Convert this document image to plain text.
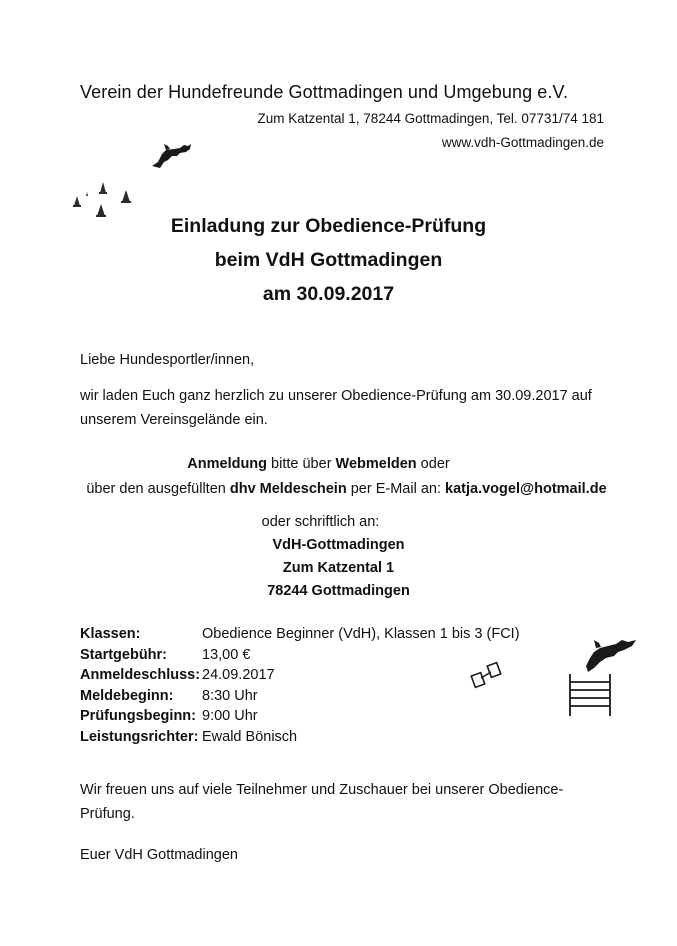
Verein der Hundefreunde Gottmadingen und Umgebung e.V.
Zum Katzental 1, 78244 Gottmadingen, Tel. 07731/74 181
www.vdh-Gottmadingen.de
Einladung zur Obedience-Prüfung
beim VdH Gottmadingen
am 30.09.2017
Liebe Hundesportler/innen,
wir laden Euch ganz herzlich zu unserer Obedience-Prüfung am 30.09.2017 auf unserem Vereinsgelände ein.
Anmeldung bitte über Webmelden oder
über den ausgefüllten dhv Meldeschein per E-Mail an: katja.vogel@hotmail.de
oder schriftlich an:
VdH-Gottmadingen
Zum Katzental 1
78244 Gottmadingen
Klassen:	Obedience Beginner (VdH), Klassen 1 bis 3 (FCI)
Startgebühr:	13,00 €
Anmeldeschluss: 24.09.2017
Meldebeginn:	8:30 Uhr
Prüfungsbeginn: 9:00 Uhr
Leistungsrichter: Ewald Bönisch
Wir freuen uns auf viele Teilnehmer und Zuschauer bei unserer Obedience-Prüfung.
Euer VdH Gottmadingen
